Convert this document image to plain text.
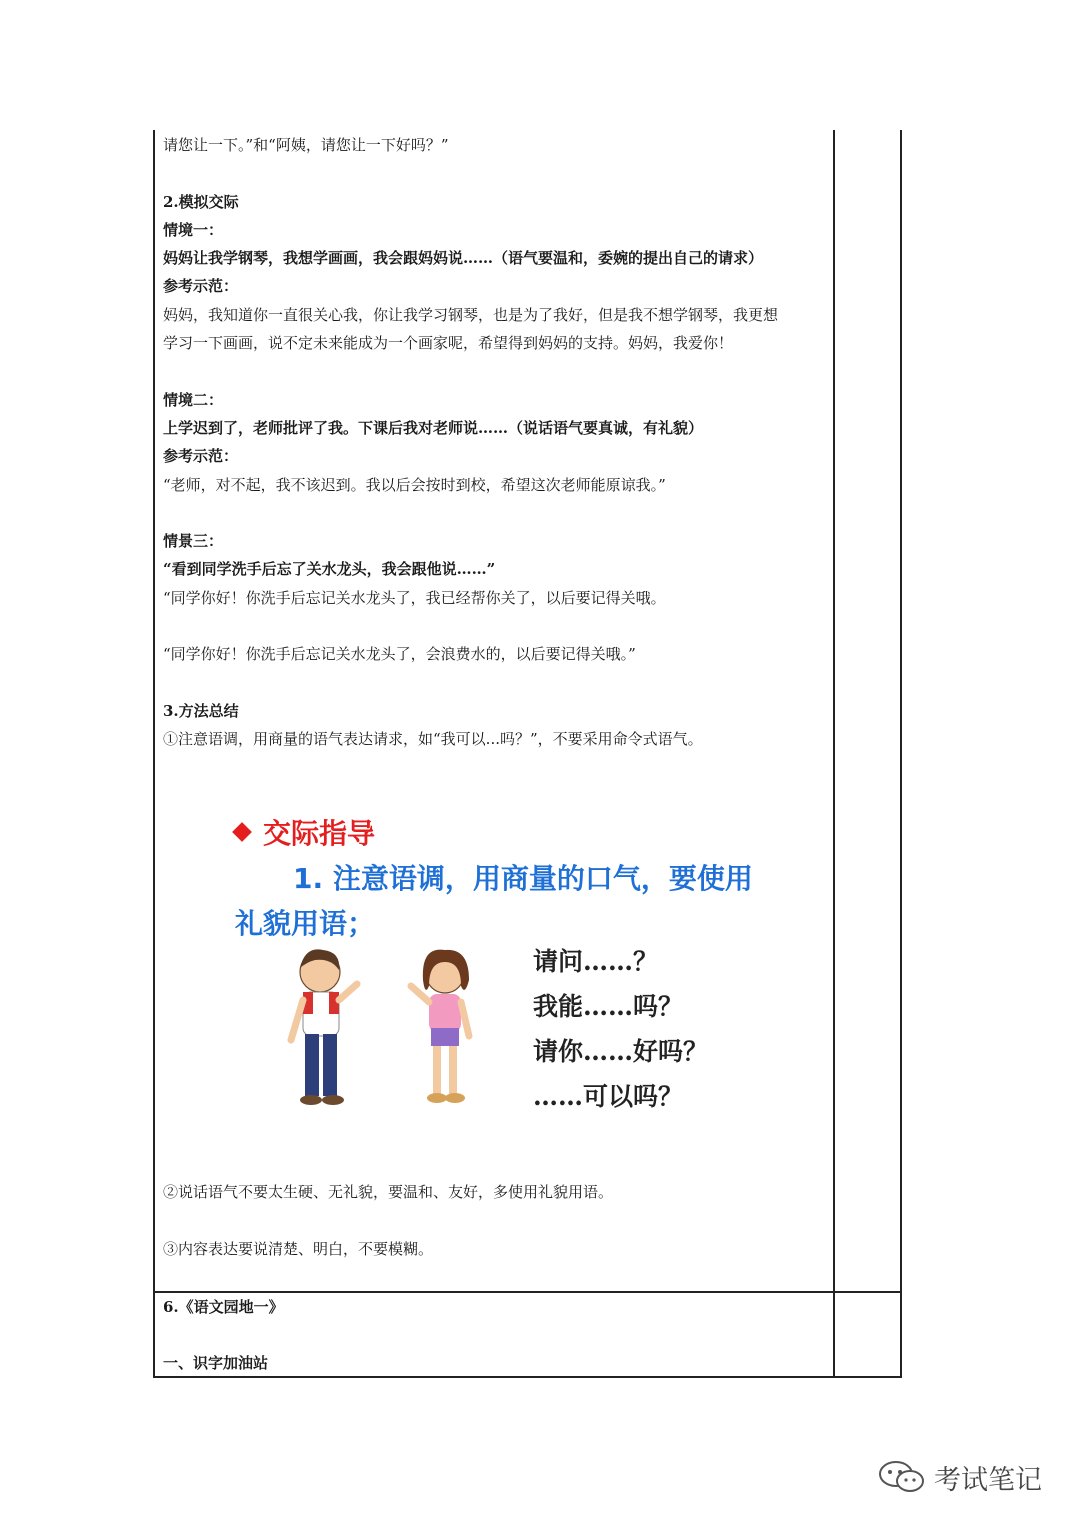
请您让一下。”和“阿姨，请您让一下好吗？”
2.模拟交际
情境一：
妈妈让我学钢琴，我想学画画，我会跟妈妈说……（语气要温和，委婉的提出自己的请求）
参考示范：
妈妈，我知道你一直很关心我，你让我学习钢琴，也是为了我好，但是我不想学钢琴，我更想
学习一下画画，说不定未来能成为一个画家呢，希望得到妈妈的支持。妈妈，我爱你！
情境二：
上学迟到了，老师批评了我。下课后我对老师说……（说话语气要真诚，有礼貌）
参考示范：
“老师，对不起，我不该迟到。我以后会按时到校，希望这次老师能原谅我。”
情景三：
“看到同学洗手后忘了关水龙头，我会跟他说……”
“同学你好！你洗手后忘记关水龙头了，我已经帮你关了，以后要记得关哦。
“同学你好！你洗手后忘记关水龙头了，会浪费水的，以后要记得关哦。”
3.方法总结
①注意语调，用商量的语气表达请求，如“我可以...吗？”，不要采用命令式语气。
②说话语气不要太生硬、无礼貌，要温和、友好，多使用礼貌用语。
③内容表达要说清楚、明白，不要模糊。
6.《语文园地一》
一、识字加油站
交际指导
1. 注意语调，用商量的口气，要使用
礼貌用语；
请问……？
我能……吗？
请你……好吗？
……可以吗？
考试笔记
